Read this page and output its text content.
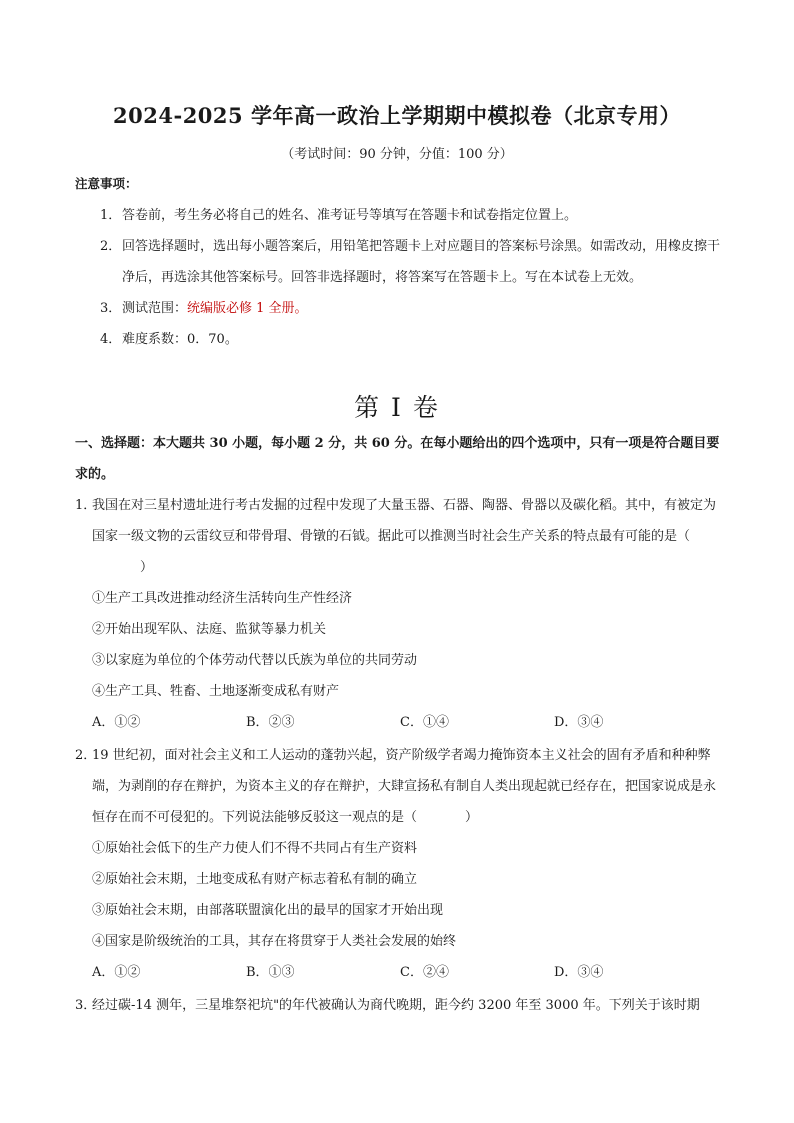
2024-2025 学年高一政治上学期期中模拟卷（北京专用）
（考试时间：90 分钟，分值：100 分）
注意事项：
1． 答卷前，考生务必将自己的姓名、准考证号等填写在答题卡和试卷指定位置上。
2． 回答选择题时，选出每小题答案后，用铅笔把答题卡上对应题目的答案标号涂黑。如需改动，用橡皮擦干净后，再选涂其他答案标号。回答非选择题时，将答案写在答题卡上。写在本试卷上无效。
3． 测试范围：统编版必修 1 全册。
4． 难度系数：0．70。
第 I 卷
一、选择题：本大题共 30 小题，每小题 2 分，共 60 分。在每小题给出的四个选项中，只有一项是符合题目要求的。
1．
我国在对三星村遗址进行考古发掘的过程中发现了大量玉器、石器、陶器、骨器以及碳化稻。其中，有被定为国家一级文物的云雷纹豆和带骨瑁、骨镦的石钺。据此可以推测当时社会生产关系的特点最有可能的是（）
①生产工具改进推动经济生活转向生产性经济
②开始出现军队、法庭、监狱等暴力机关
③以家庭为单位的个体劳动代替以氏族为单位的共同劳动
④生产工具、牲畜、土地逐渐变成私有财产
A．①②	B．②③	C．①④	D．③④
2．
19 世纪初，面对社会主义和工人运动的蓬勃兴起，资产阶级学者竭力掩饰资本主义社会的固有矛盾和种种弊端，为剥削的存在辩护，为资本主义的存在辩护，大肆宣扬私有制自人类出现起就已经存在，把国家说成是永恒存在而不可侵犯的。下列说法能够反驳这一观点的是（	）
①原始社会低下的生产力使人们不得不共同占有生产资料
②原始社会末期，土地变成私有财产标志着私有制的确立
③原始社会末期，由部落联盟演化出的最早的国家才开始出现
④国家是阶级统治的工具，其存在将贯穿于人类社会发展的始终
A．①②	B．①③	C．②④	D．③④
3．
经过碳-14 测年，三星堆祭祀坑"的年代被确认为商代晚期，距今约 3200 年至 3000 年。下列关于该时期
